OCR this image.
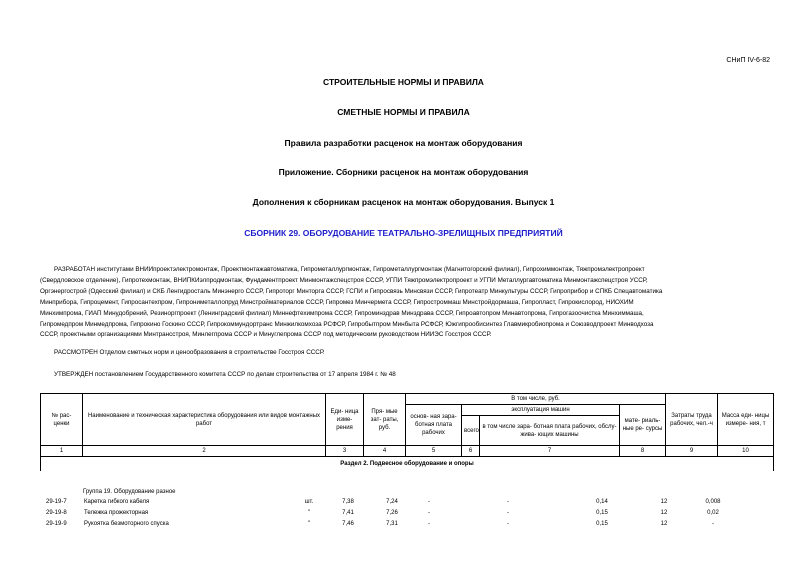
СНиП IV-6-82
СТРОИТЕЛЬНЫЕ НОРМЫ И ПРАВИЛА
СМЕТНЫЕ НОРМЫ И ПРАВИЛА
Правила разработки расценок на монтаж оборудования
Приложение. Сборники расценок на монтаж оборудования
Дополнения к сборникам расценок на монтаж оборудования. Выпуск 1
СБОРНИК 29. ОБОРУДОВАНИЕ ТЕАТРАЛЬНО-ЗРЕЛИЩНЫХ ПРЕДПРИЯТИЙ
РАЗРАБОТАН институтами ВНИИпроектэлектромонтаж, Проектмонтажавтоматика, Гипрометаллургмонтаж, Гипрометаллургмонтаж (Магнитогорский филиал), Гипрохиммонтаж, Тяжпромэлектропроект
(Свердловское отделение), Гипротехмонтаж, ВНИПКИэлпродмонтаж, Фундаментпроект Минмонтажспецстроя СССР, УГПИ Тяжпромэлектропроект и УГПИ Металлургавтоматика Минмонтажспецстроя УССР,
Оргэнергострой (Одесский филиал) и СКБ Ленгидросталь Минэнерго СССР, Гипроторг Минторга СССР, ГСПИ и Гипросвязь Минсвязи СССР, Гипротеатр Минкультуры СССР, Гипроприбор и СПКБ Спецавтоматика
Минприбора, Гипроцемент, Гипросантехпром, Гипрониметаллопруд Минстройматериалов СССР, Гипромез Минчермета СССР, Гипростроммаш Минстройдормаша, Гипропласт, Гипрокислород, НИОХИМ
Минхимпрома, ГИАП Минудобрений, Резиноргпроект (Ленинградский филиал) Миннефтехимпрома СССР, Гипроминздрав Минздрава СССР, Гипроавтопром Минавтопрома, Гипрогазоочистка Минхиммаша,
Гипромедпром Минмедпрома, Гипрокино Госкино СССР, Гипрокоммундортранс Минжилкомхоза РСФСР, Гипробытпром Минбыта РСФСР, Южгипрообисинтез Главмикробиопрома и Союзводпроект Минводхоза
СССР, проектными организациями Минтрансстроя, Минлегпрома СССР и Минуглепрома СССР под методическим руководством НИИЭС Госстроя СССР.
РАССМОТРЕН Отделом сметных норм и ценообразования в строительстве Госстроя СССР.
УТВЕРЖДЕН постановлением Государственного комитета СССР по делам строительства от 17 апреля 1984 г. № 48
№ рас- ценки	Наименование и техническая характеристика оборудования или видов монтажных работ	Еди- ница изме- рения	Пря- мые зат- раты, руб.	В том числе, руб.				Затраты труда рабочих, чел.-ч	Масса еди- ницы измере- ния, т
				основ- ная зара- ботная плата рабочих	эксплуатация машин		мате- риаль- ные ре- сурсы		
					всего	в том числе зара- ботная плата рабочих, обслу- жива- ющих машины			
1	2	3	4	5	6	7	8	9	10
Раздел 2. Подвесное оборудование и опоры									
Группа 19. Оборудование разное
29-19-7	Каретка гибкого кабеля	шт.	7,38	7,24	-	-	0,14	12	0,008
29-19-8	Тележка прожекторная	"	7,41	7,26	-	-	0,15	12	0,02
29-19-9	Рукоятка безмоторного спуска	"	7,46	7,31	-	-	0,15	12	-
